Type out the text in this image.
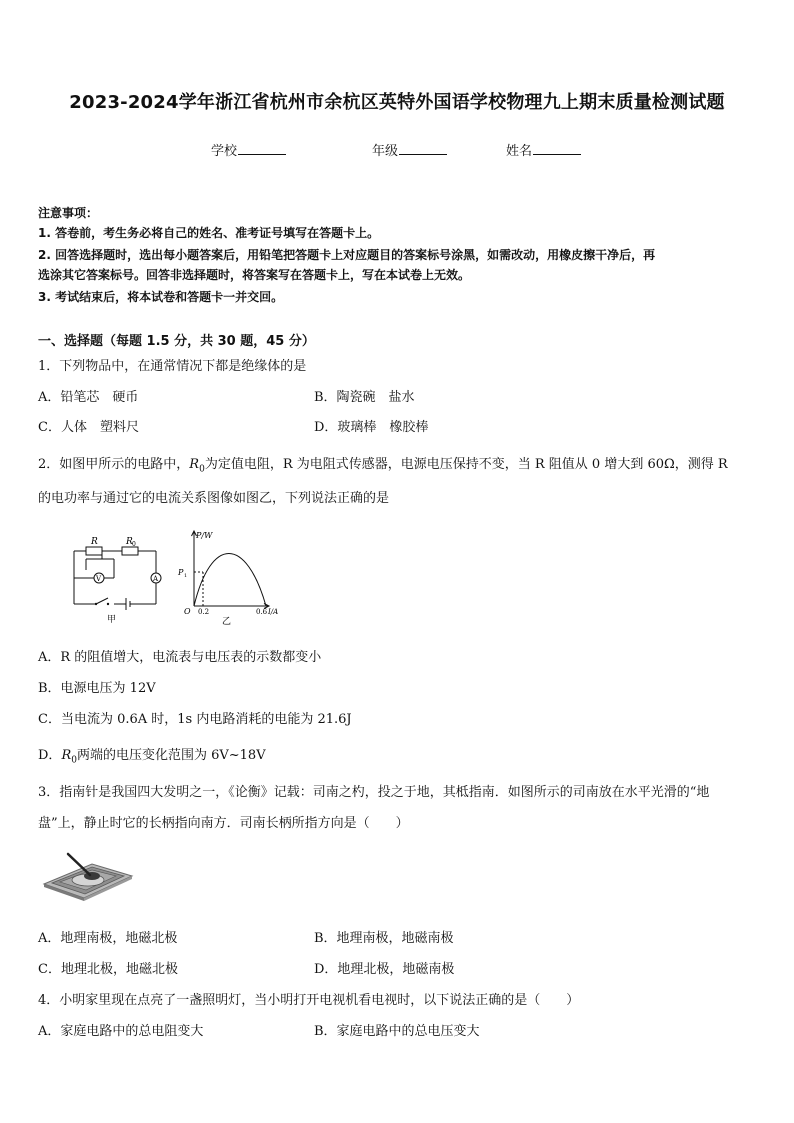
2023-2024学年浙江省杭州市余杭区英特外国语学校物理九上期末质量检测试题
学校	年级	姓名
注意事项：
1. 答卷前，考生务必将自己的姓名、准考证号填写在答题卡上。
2. 回答选择题时，选出每小题答案后，用铅笔把答题卡上对应题目的答案标号涂黑，如需改动，用橡皮擦干净后，再
选涂其它答案标号。回答非选择题时，将答案写在答题卡上，写在本试卷上无效。
3. 考试结束后，将本试卷和答题卡一并交回。
一、选择题（每题 1.5 分，共 30 题，45 分）
1．下列物品中，在通常情况下都是绝缘体的是
A．铅笔芯　硬币	B．陶瓷碗　盐水
C．人体　塑料尺	D．玻璃棒　橡胶棒
2．如图甲所示的电路中，$R_0$为定值电阻，R 为电阻式传感器，电源电压保持不变，当 R 阻值从 0 增大到 60Ω，测得 R
的电功率与通过它的电流关系图像如图乙，下列说法正确的是
R	R 0
V	A
甲
P/W
P 1
O 0.2	0.6 I/A
乙
A．R 的阻值增大，电流表与电压表的示数都变小
B．电源电压为 12V
C．当电流为 0.6A 时，1s 内电路消耗的电能为 21.6J
D．$R_0$两端的电压变化范围为 6V~18V
3．指南针是我国四大发明之一，《论衡》记载：司南之杓，投之于地，其柢指南．如图所示的司南放在水平光滑的“地
盘”上，静止时它的长柄指向南方．司南长柄所指方向是（　　）
A．地理南极，地磁北极	B．地理南极，地磁南极
C．地理北极，地磁北极	D．地理北极，地磁南极
4．小明家里现在点亮了一盏照明灯，当小明打开电视机看电视时，以下说法正确的是（　　）
A．家庭电路中的总电阻变大	B．家庭电路中的总电压变大
